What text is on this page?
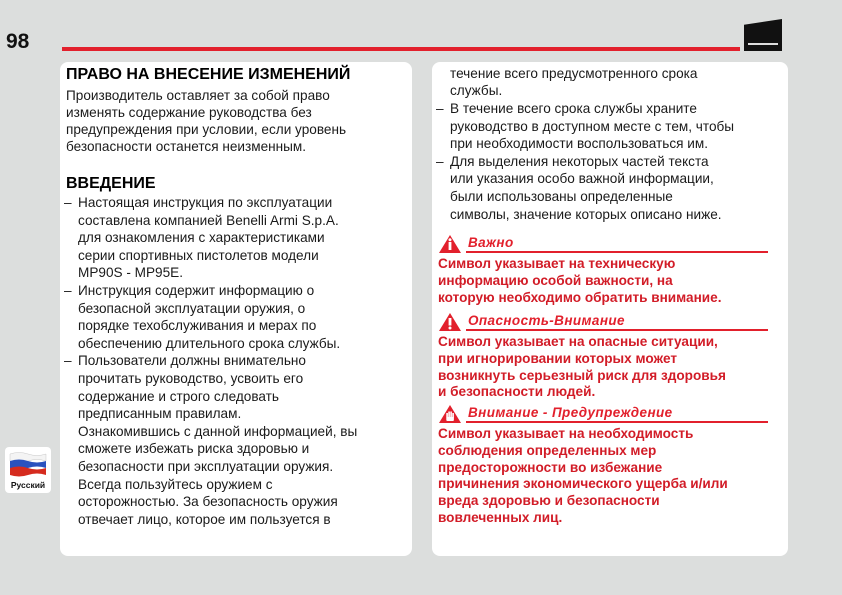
98
ПРАВО НА ВНЕСЕНИЕ ИЗМЕНЕНИЙ
Производитель оставляет за собой право
изменять содержание руководства без
предупреждения при условии, если уровень
безопасности останется неизменным.
ВВЕДЕНИЕ
– Настоящая инструкция по эксплуатации
составлена компанией Benelli Armi S.p.A.
для ознакомления с характеристиками
серии спортивных пистолетов модели
MP90S - MP95E.
– Инструкция содержит информацию о
безопасной эксплуатации оружия, о
порядке техобслуживания и мерах по
обеспечению длительного срока службы.
– Пользователи должны внимательно
прочитать руководство, усвоить его
содержание и строго следовать
предписанным правилам.
Ознакомившись с данной информацией, вы
сможете избежать риска здоровью и
безопасности при эксплуатации оружия.
Всегда пользуйтесь оружием с
осторожностью. За безопасность оружия
отвечает лицо, которое им пользуется в
течение всего предусмотренного срока
службы.
– В течение всего срока службы храните
руководство в доступном месте с тем, чтобы
при необходимости воспользоваться им.
– Для выделения некоторых частей текста
или указания особо важной информации,
были использованы определенные
символы, значение которых описано ниже.
Важно
Символ указывает на техническую
информацию особой важности, на
которую необходимо обратить внимание.
Опасность-Внимание
Символ указывает на опасные ситуации,
при игнорировании которых может
возникнуть серьезный риск для здоровья
и безопасности людей.
Внимание - Предупреждение
Символ указывает на необходимость
соблюдения определенных мер
предосторожности во избежание
причинения экономического ущерба и/или
вреда здоровью и безопасности
вовлеченных лиц.
Русский
